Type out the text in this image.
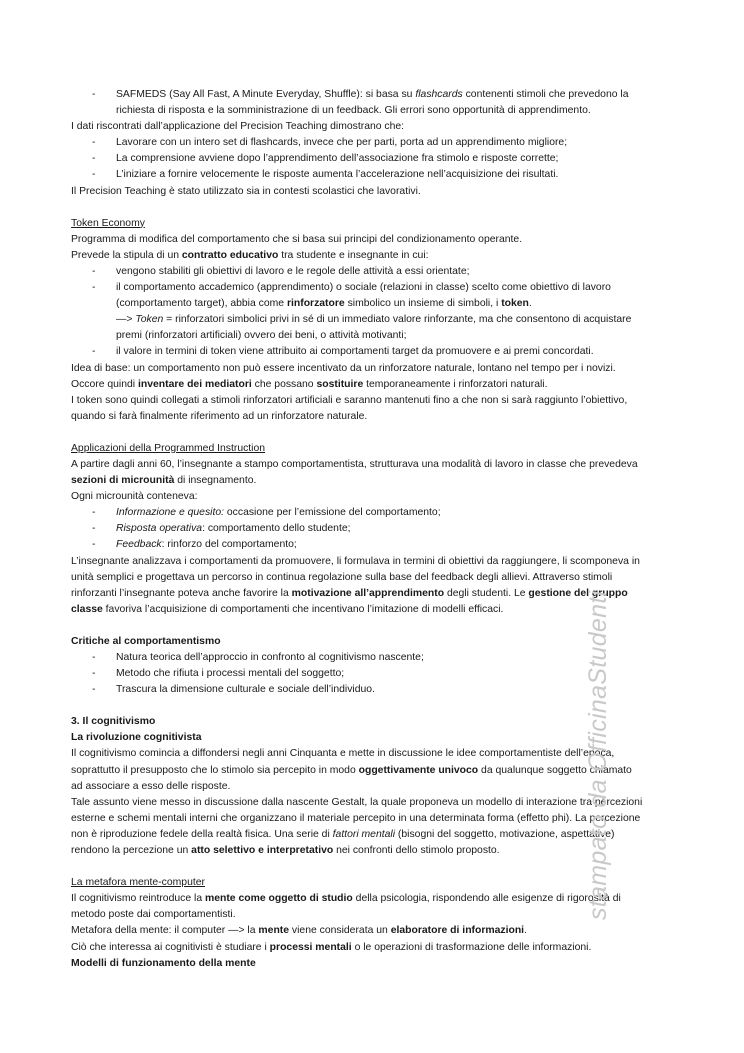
- SAFMEDS (Say All Fast, A Minute Everyday, Shuffle): si basa su flashcards contenenti stimoli che prevedono la
richiesta di risposta e la somministrazione di un feedback. Gli errori sono opportunità di apprendimento.
I dati riscontrati dall’applicazione del Precision Teaching dimostrano che:
- Lavorare con un intero set di flashcards, invece che per parti, porta ad un apprendimento migliore;
- La comprensione avviene dopo l’apprendimento dell’associazione fra stimolo e risposte corrette;
- L’iniziare a fornire velocemente le risposte aumenta l’accelerazione nell’acquisizione dei risultati.
Il Precision Teaching è stato utilizzato sia in contesti scolastici che lavorativi.
Token Economy
Programma di modifica del comportamento che si basa sui principi del condizionamento operante.
Prevede la stipula di un contratto educativo tra studente e insegnante in cui:
- vengono stabiliti gli obiettivi di lavoro e le regole delle attività a essi orientate;
- il comportamento accademico (apprendimento) o sociale (relazioni in classe) scelto come obiettivo di lavoro
(comportamento target), abbia come rinforzatore simbolico un insieme di simboli, i token.
—> Token = rinforzatori simbolici privi in sé di un immediato valore rinforzante, ma che consentono di acquistare
premi (rinforzatori artificiali) ovvero dei beni, o attività motivanti;
- il valore in termini di token viene attribuito ai comportamenti target da promuovere e ai premi concordati.
Idea di base: un comportamento non può essere incentivato da un rinforzatore naturale, lontano nel tempo per i novizi.
Occore quindi inventare dei mediatori che possano sostituire temporaneamente i rinforzatori naturali.
I token sono quindi collegati a stimoli rinforzatori artificiali e saranno mantenuti fino a che non si sarà raggiunto l’obiettivo,
quando si farà finalmente riferimento ad un rinforzatore naturale.
Applicazioni della Programmed Instruction
A partire dagli anni 60, l’insegnante a stampo comportamentista, strutturava una modalità di lavoro in classe che prevedeva
sezioni di microunità di insegnamento.
Ogni microunità conteneva:
- Informazione e quesito: occasione per l’emissione del comportamento;
- Risposta operativa: comportamento dello studente;
- Feedback: rinforzo del comportamento;
L’insegnante analizzava i comportamenti da promuovere, li formulava in termini di obiettivi da raggiungere, li scomponeva in
unità semplici e progettava un percorso in continua regolazione sulla base del feedback degli allievi. Attraverso stimoli
rinforzanti l’insegnante poteva anche favorire la motivazione all’apprendimento degli studenti. Le gestione del gruppo
classe favoriva l’acquisizione di comportamenti che incentivano l’imitazione di modelli efficaci.
Critiche al comportamentismo
- Natura teorica dell’approccio in confronto al cognitivismo nascente;
- Metodo che rifiuta i processi mentali del soggetto;
- Trascura la dimensione culturale e sociale dell’individuo.
3. Il cognitivismo
La rivoluzione cognitivista
Il cognitivismo comincia a diffondersi negli anni Cinquanta e mette in discussione le idee comportamentiste dell’epoca,
soprattutto il presupposto che lo stimolo sia percepito in modo oggettivamente univoco da qualunque soggetto chiamato
ad associare a esso delle risposte.
Tale assunto viene messo in discussione dalla nascente Gestalt, la quale proponeva un modello di interazione tra percezioni
esterne e schemi mentali interni che organizzano il materiale percepito in una determinata forma (effetto phi). La percezione
non è riproduzione fedele della realtà fisica. Una serie di fattori mentali (bisogni del soggetto, motivazione, aspettative)
rendono la percezione un atto selettivo e interpretativo nei confronti dello stimolo proposto.
La metafora mente-computer
Il cognitivismo reintroduce la mente come oggetto di studio della psicologia, rispondendo alle esigenze di rigorosità di
metodo poste dai comportamentisti.
Metafora della mente: il computer —> la mente viene considerata un elaboratore di informazioni.
Ciò che interessa ai cognitivisti è studiare i processi mentali o le operazioni di trasformazione delle informazioni.
Modelli di funzionamento della mente
stampato da OfficinaStudenti
